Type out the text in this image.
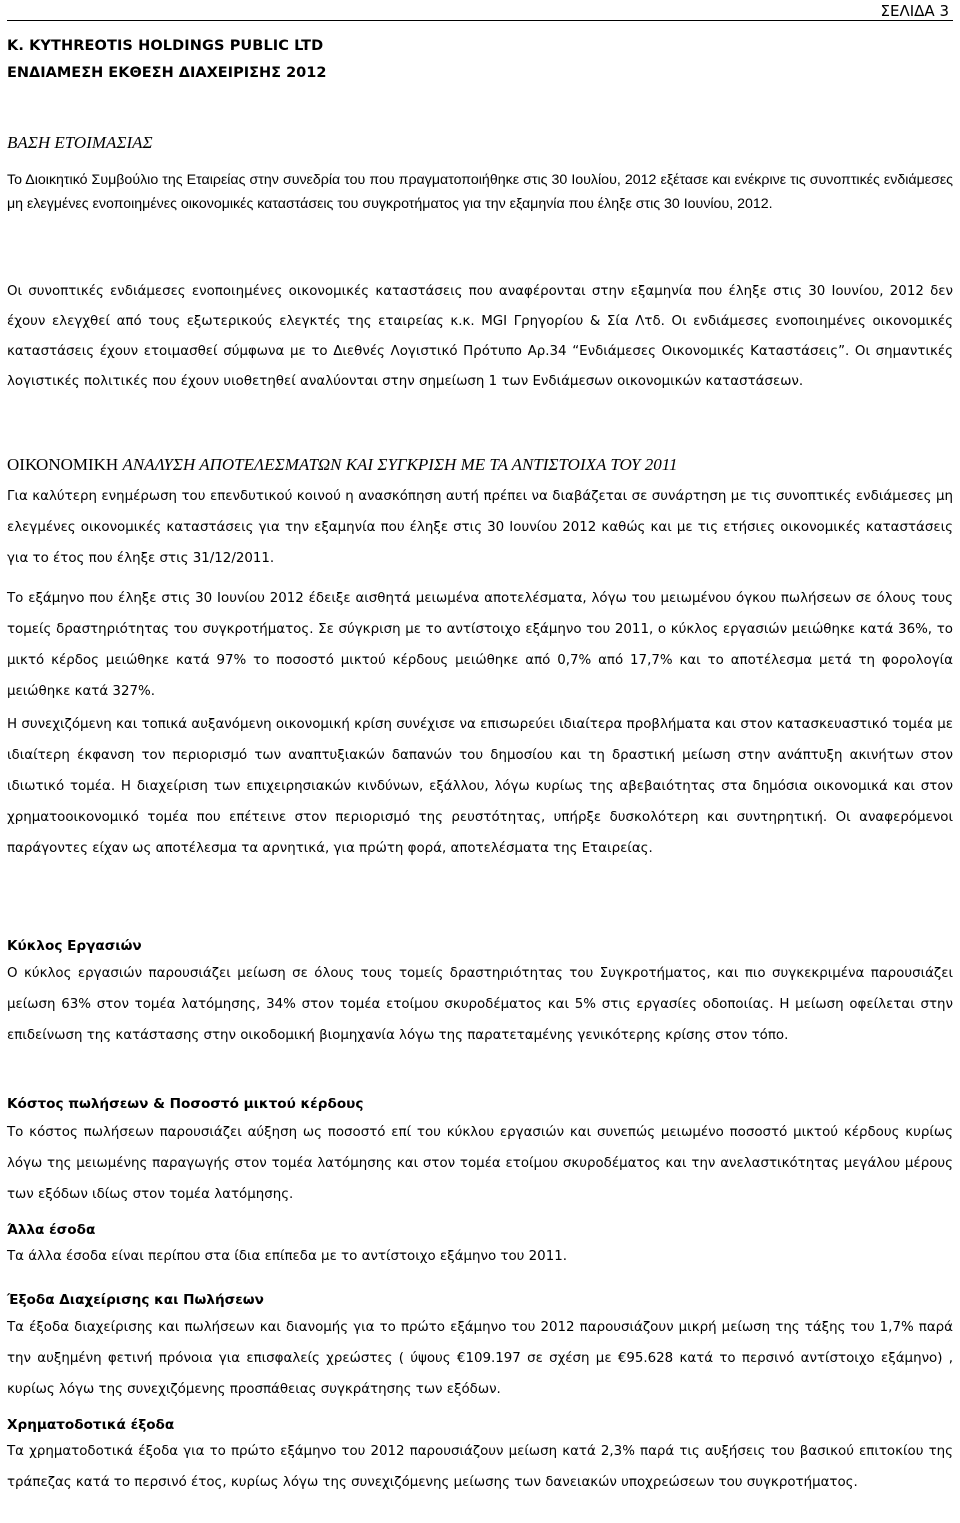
ΣΕΛΙΔΑ 3
K. KYTHREOTIS HOLDINGS PUBLIC LTD
ΕΝΔΙΑΜΕΣΗ ΕΚΘΕΣΗ ΔΙΑΧΕΙΡΙΣΗΣ 2012
ΒΑΣΗ ΕΤΟΙΜΑΣΙΑΣ

Το Διοικητικό Συμβούλιο της Εταιρείας στην συνεδρία του που πραγματοποιήθηκε στις 30 Ιουλίου, 2012 εξέτασε και ενέκρινε τις συνοπτικές ενδιάμεσες μη ελεγμένες ενοποιημένες οικονομικές καταστάσεις του συγκροτήματος για την εξαμηνία που έληξε στις 30 Ιουνίου, 2012.

Οι συνοπτικές ενδιάμεσες ενοποιημένες οικονομικές καταστάσεις που αναφέρονται στην εξαμηνία που έληξε στις 30 Ιουνίου, 2012 δεν έχουν ελεγχθεί από τους εξωτερικούς ελεγκτές της εταιρείας κ.κ. MGI Γρηγορίου & Σία Λτδ. Οι ενδιάμεσες ενοποιημένες οικονομικές καταστάσεις έχουν ετοιμασθεί σύμφωνα με το Διεθνές Λογιστικό Πρότυπο Αρ.34 “Ενδιάμεσες Οικονομικές Καταστάσεις”. Οι σημαντικές λογιστικές πολιτικές που έχουν υιοθετηθεί αναλύονται στην σημείωση 1 των Ενδιάμεσων οικονομικών καταστάσεων.

ΟΙΚΟΝΟΜΙΚΗ ΑΝΑΛΥΣΗ ΑΠΟΤΕΛΕΣΜΑΤΩΝ ΚΑΙ ΣΥΓΚΡΙΣΗ ΜΕ ΤΑ ΑΝΤΙΣΤΟΙΧΑ ΤΟΥ 2011

Για καλύτερη ενημέρωση του επενδυτικού κοινού η ανασκόπηση αυτή πρέπει να διαβάζεται σε συνάρτηση με τις συνοπτικές ενδιάμεσες μη ελεγμένες οικονομικές καταστάσεις για την εξαμηνία που έληξε στις 30 Ιουνίου 2012 καθώς και με τις ετήσιες οικονομικές καταστάσεις για το έτος που έληξε στις 31/12/2011.

Το εξάμηνο που έληξε στις 30 Ιουνίου 2012 έδειξε αισθητά μειωμένα αποτελέσματα, λόγω του μειωμένου όγκου πωλήσεων σε όλους τους τομείς δραστηριότητας του συγκροτήματος. Σε σύγκριση με το αντίστοιχο εξάμηνο του 2011, ο κύκλος εργασιών μειώθηκε κατά 36%, το μικτό κέρδος μειώθηκε κατά 97% το ποσοστό μικτού κέρδους μειώθηκε από 0,7% από 17,7% και το αποτέλεσμα μετά τη φορολογία μειώθηκε κατά 327%.

Η συνεχιζόμενη και τοπικά αυξανόμενη οικονομική κρίση συνέχισε να επισωρεύει ιδιαίτερα προβλήματα και στον κατασκευαστικό τομέα με ιδιαίτερη έκφανση τον περιορισμό των αναπτυξιακών δαπανών του δημοσίου και τη δραστική μείωση στην ανάπτυξη ακινήτων στον ιδιωτικό τομέα. Η διαχείριση των επιχειρησιακών κινδύνων, εξάλλου, λόγω κυρίως της αβεβαιότητας στα δημόσια οικονομικά και στον χρηματοοικονομικό τομέα που επέτεινε στον περιορισμό της ρευστότητας, υπήρξε δυσκολότερη και συντηρητική. Οι αναφερόμενοι παράγοντες είχαν ως αποτέλεσμα τα αρνητικά, για πρώτη φορά, αποτελέσματα της Εταιρείας.

Κύκλος Εργασιών

Ο κύκλος εργασιών παρουσιάζει μείωση σε όλους τους τομείς δραστηριότητας του Συγκροτήματος, και πιο συγκεκριμένα παρουσιάζει μείωση 63% στον τομέα λατόμησης, 34% στον τομέα ετοίμου σκυροδέματος και 5% στις εργασίες οδοποιίας. Η μείωση οφείλεται στην επιδείνωση της κατάστασης στην οικοδομική βιομηχανία λόγω της παρατεταμένης γενικότερης κρίσης στον τόπο.

Κόστος πωλήσεων & Ποσοστό μικτού κέρδους

Το κόστος πωλήσεων παρουσιάζει αύξηση ως ποσοστό επί του κύκλου εργασιών και συνεπώς μειωμένο ποσοστό μικτού κέρδους κυρίως λόγω της μειωμένης παραγωγής στον τομέα λατόμησης και στον τομέα ετοίμου σκυροδέματος και την ανελαστικότητας μεγάλου μέρους των εξόδων ιδίως στον τομέα λατόμησης.

Άλλα έσοδα

Τα άλλα έσοδα είναι περίπου στα ίδια επίπεδα με το αντίστοιχο εξάμηνο του 2011.

Έξοδα Διαχείρισης και Πωλήσεων

Τα έξοδα διαχείρισης και πωλήσεων και διανομής για το πρώτο εξάμηνο του 2012 παρουσιάζουν μικρή μείωση της τάξης του 1,7% παρά την αυξημένη φετινή πρόνοια για επισφαλείς χρεώστες ( ύψους €109.197 σε σχέση με €95.628 κατά το περσινό αντίστοιχο εξάμηνο) , κυρίως λόγω της συνεχιζόμενης προσπάθειας συγκράτησης των εξόδων.

Χρηματοδοτικά έξοδα

Τα χρηματοδοτικά έξοδα για το πρώτο εξάμηνο του 2012 παρουσιάζουν μείωση κατά 2,3% παρά τις αυξήσεις του βασικού επιτοκίου της τράπεζας κατά το περσινό έτος, κυρίως λόγω της συνεχιζόμενης μείωσης των δανειακών υποχρεώσεων του συγκροτήματος.
